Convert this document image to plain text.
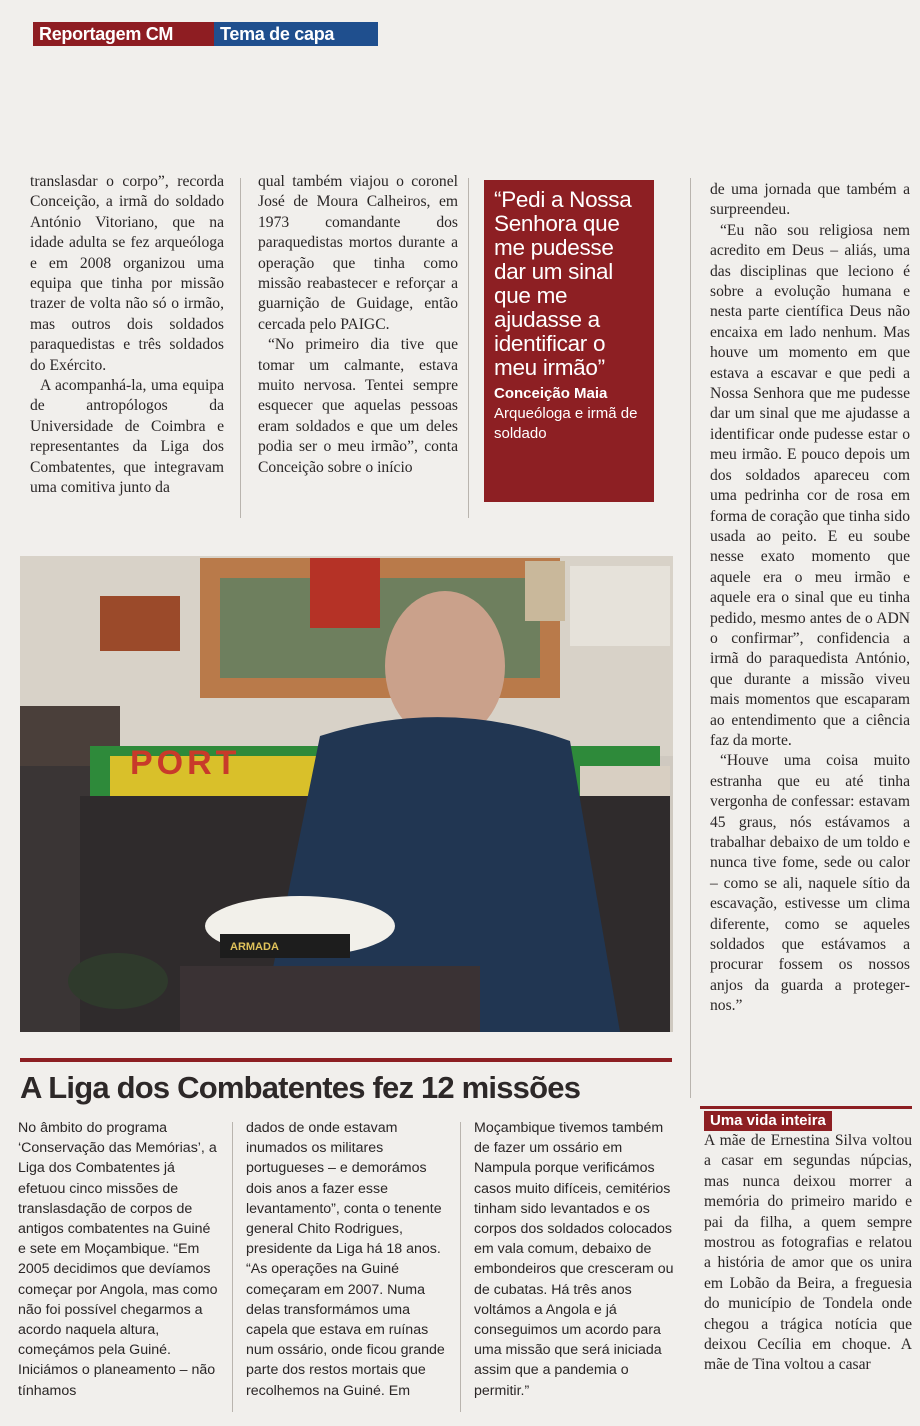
Reportagem CM	Tema de capa

translasdar o corpo”, recorda Conceição, a irmã do soldado António Vitoriano, que na idade adulta se fez arqueóloga e em 2008 organizou uma equipa que tinha por missão trazer de volta não só o irmão, mas outros dois soldados paraquedistas e três soldados do Exército.

A acompanhá-la, uma equipa de antropólogos da Universidade de Coimbra e representantes da Liga dos Combatentes, que integravam uma comitiva junto da

qual também viajou o coronel José de Moura Calheiros, em 1973 comandante dos paraquedistas mortos durante a operação que tinha como missão reabastecer e reforçar a guarnição de Guidage, então cercada pelo PAIGC.

“No primeiro dia tive que tomar um calmante, estava muito nervosa. Tentei sempre esquecer que aquelas pessoas eram soldados e que um deles podia ser o meu irmão”, conta Conceição sobre o início

“Pedi a Nossa Senhora que me pudesse dar um sinal que me ajudasse a identificar o meu irmão”
Conceição Maia
Arqueóloga e irmã de soldado

de uma jornada que também a surpreendeu.

“Eu não sou religiosa nem acredito em Deus – aliás, uma das disciplinas que leciono é sobre a evolução humana e nesta parte científica Deus não encaixa em lado nenhum. Mas houve um momento em que estava a escavar e que pedi a Nossa Senhora que me pudesse dar um sinal que me ajudasse a identificar onde pudesse estar o meu irmão. E pouco depois um dos soldados apareceu com uma pedrinha cor de rosa em forma de coração que tinha sido usada ao peito. E eu soube nesse exato momento que aquele era o meu irmão e aquele era o sinal que eu tinha pedido, mesmo antes de o ADN o confirmar”, confidencia a irmã do paraquedista António, que durante a missão viveu mais momentos que escaparam ao entendimento que a ciência faz da morte.

“Houve uma coisa muito estranha que eu até tinha vergonha de confessar: estavam 45 graus, nós estávamos a trabalhar debaixo de um toldo e nunca tive fome, sede ou calor – como se ali, naquele sítio da escavação, estivesse um clima diferente, como se aqueles soldados que estávamos a procurar fossem os nossos anjos da guarda a proteger-nos.”

PORT
ARMADA
A Liga dos Combatentes fez 12 missões

No âmbito do programa ‘Conservação das Memórias’, a Liga dos Combatentes já efetuou cinco missões de translasdação de corpos de antigos combatentes na Guiné e sete em Moçambique. “Em 2005 decidimos que devíamos começar por Angola, mas como não foi possível chegarmos a acordo naquela altura, começámos pela Guiné. Iniciámos o planeamento – não tínhamos

dados de onde estavam inumados os militares portugueses – e demorámos dois anos a fazer esse levantamento”, conta o tenente general Chito Rodrigues, presidente da Liga há 18 anos. “As operações na Guiné começaram em 2007. Numa delas transformámos uma capela que estava em ruínas num ossário, onde ficou grande parte dos restos mortais que recolhemos na Guiné. Em

Moçambique tivemos também de fazer um ossário em Nampula porque verificámos casos muito difíceis, cemitérios tinham sido levantados e os corpos dos soldados colocados em vala comum, debaixo de embondeiros que cresceram ou de cubatas. Há três anos voltámos a Angola e já conseguimos um acordo para uma missão que será iniciada assim que a pandemia o permitir.”

Uma vida inteira

A mãe de Ernestina Silva voltou a casar em segundas núpcias, mas nunca deixou morrer a memória do primeiro marido e pai da filha, a quem sempre mostrou as fotografias e relatou a história de amor que os unira em Lobão da Beira, a freguesia do município de Tondela onde chegou a trágica notícia que deixou Cecília em choque. A mãe de Tina voltou a casar
